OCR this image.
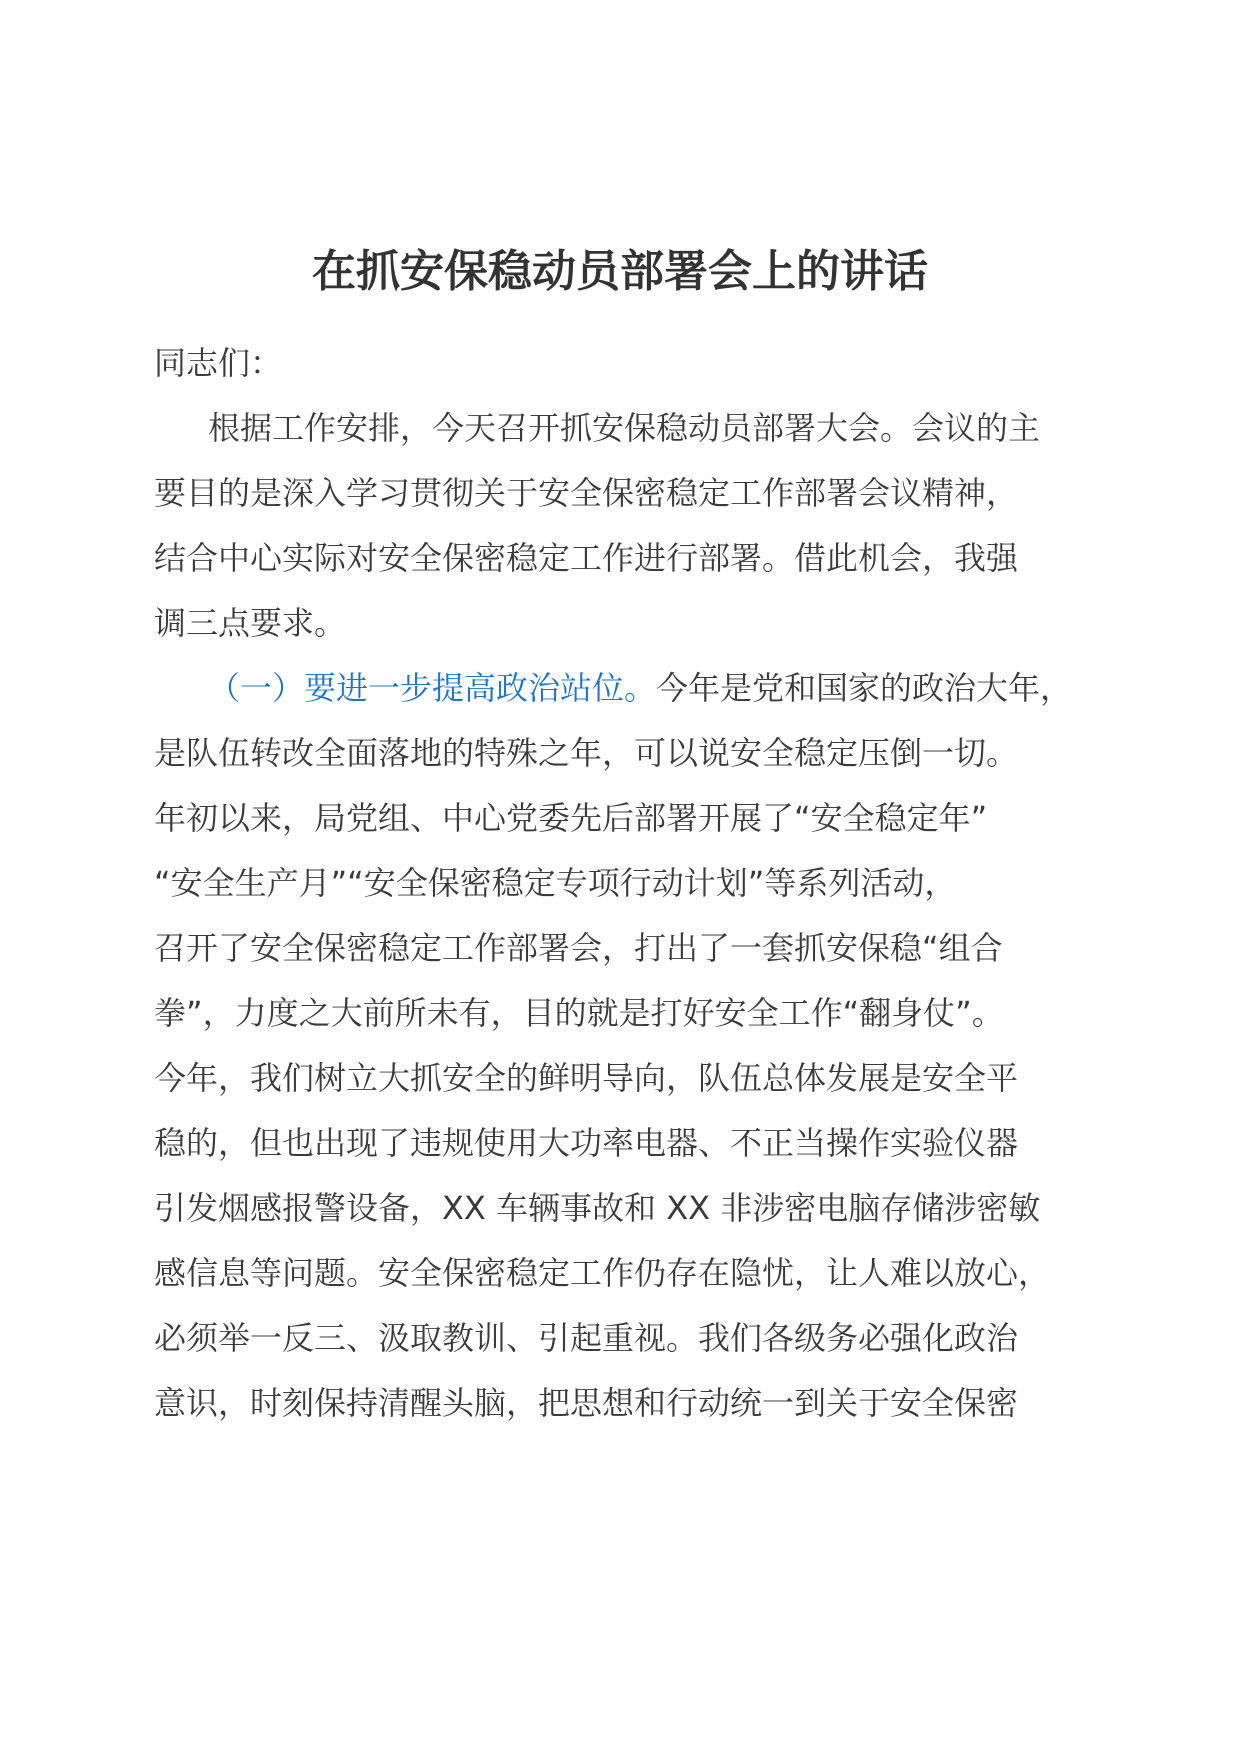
在抓安保稳动员部署会上的讲话

同志们：

根据工作安排，今天召开抓安保稳动员部署大会。会议的主
要目的是深入学习贯彻关于安全保密稳定工作部署会议精神，
结合中心实际对安全保密稳定工作进行部署。借此机会，我强
调三点要求。
（一）要进一步提高政治站位。今年是党和国家的政治大年，
是队伍转改全面落地的特殊之年，可以说安全稳定压倒一切。
年初以来，局党组、中心党委先后部署开展了“安全稳定年”
“安全生产月”“安全保密稳定专项行动计划”等系列活动，
召开了安全保密稳定工作部署会，打出了一套抓安保稳“组合
拳”，力度之大前所未有，目的就是打好安全工作“翻身仗”。
今年，我们树立大抓安全的鲜明导向，队伍总体发展是安全平
稳的，但也出现了违规使用大功率电器、不正当操作实验仪器
引发烟感报警设备，XX 车辆事故和 XX 非涉密电脑存储涉密敏
感信息等问题。安全保密稳定工作仍存在隐忧，让人难以放心，
必须举一反三、汲取教训、引起重视。我们各级务必强化政治
意识，时刻保持清醒头脑，把思想和行动统一到关于安全保密
